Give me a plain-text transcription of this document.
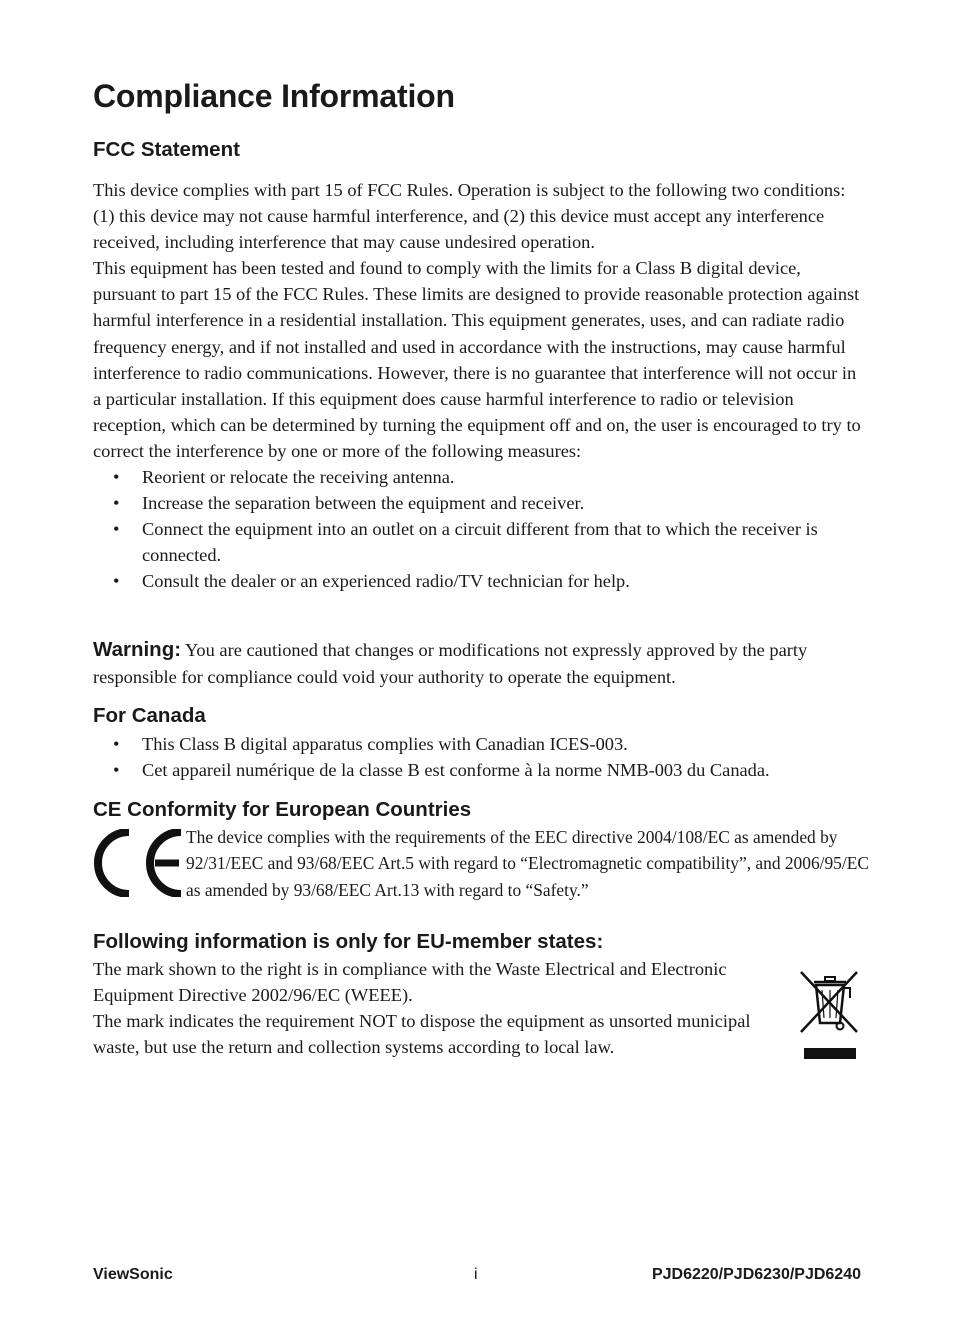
Compliance Information
FCC Statement

This device complies with part 15 of FCC Rules. Operation is subject to the following two conditions: (1) this device may not cause harmful interference, and (2) this device must accept any interference received, including interference that may cause undesired operation.

This equipment has been tested and found to comply with the limits for a Class B digital device, pursuant to part 15 of the FCC Rules. These limits are designed to provide reasonable protection against harmful interference in a residential installation. This equipment generates, uses, and can radiate radio frequency energy, and if not installed and used in accordance with the instructions, may cause harmful interference to radio communications. However, there is no guarantee that interference will not occur in a particular installation. If this equipment does cause harmful interference to radio or television reception, which can be determined by turning the equipment off and on, the user is encouraged to try to correct the interference by one or more of the following measures:

• Reorient or relocate the receiving antenna.
• Increase the separation between the equipment and receiver.
• Connect the equipment into an outlet on a circuit different from that to which the receiver is connected.
• Consult the dealer or an experienced radio/TV technician for help.
Warning: You are cautioned that changes or modifications not expressly approved by the party responsible for compliance could void your authority to operate the equipment.
For Canada
• This Class B digital apparatus complies with Canadian ICES-003.
• Cet appareil numérique de la classe B est conforme à la norme NMB-003 du Canada.
CE Conformity for European Countries
The device complies with the requirements of the EEC directive 2004/108/EC as amended by 92/31/EEC and 93/68/EEC Art.5 with regard to “Electromagnetic compatibility”, and 2006/95/EC as amended by 93/68/EEC Art.13 with regard to “Safety.”
Following information is only for EU-member states:

The mark shown to the right is in compliance with the Waste Electrical and Electronic Equipment Directive 2002/96/EC (WEEE).

The mark indicates the requirement NOT to dispose the equipment as unsorted municipal waste, but use the return and collection systems according to local law.

ViewSonic	i	PJD6220/PJD6230/PJD6240
